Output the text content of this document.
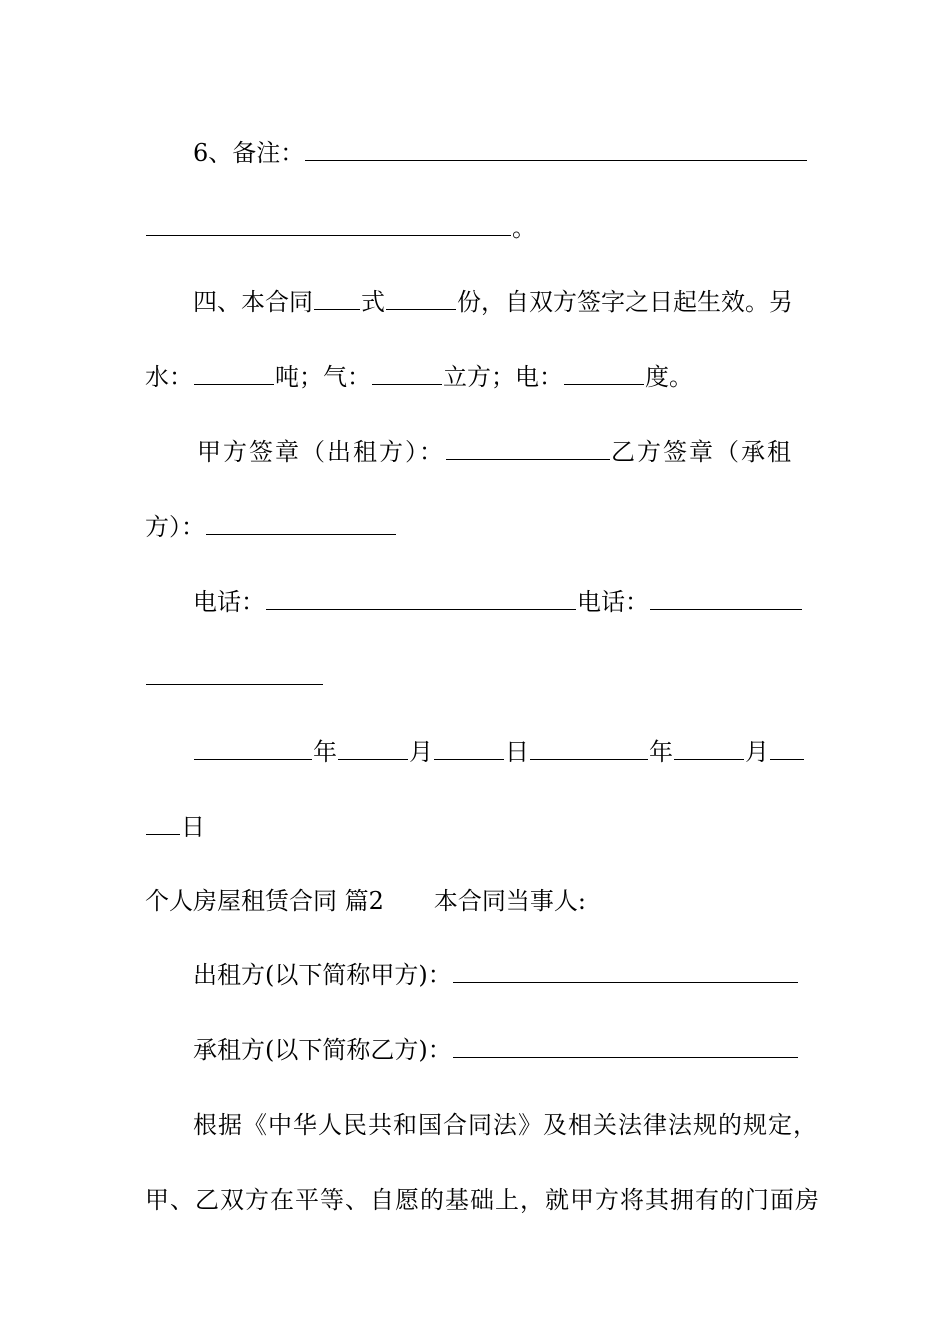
6、备注：
。
四、本合同 式	份，自双方签字之日起生效。另
水：	吨；气：	立方；电：	度。
甲方签章（出租方）：	乙方签章（承租
方）：
电话：	电话：
年	月	日	年	月
日
个人房屋租赁合同 篇2 本合同当事人:
出租方(以下简称甲方)：
承租方(以下简称乙方)：
根据《中华人民共和国合同法》及相关法律法规的规定，
甲、乙双方在平等、自愿的基础上，就甲方将其拥有的门面房
